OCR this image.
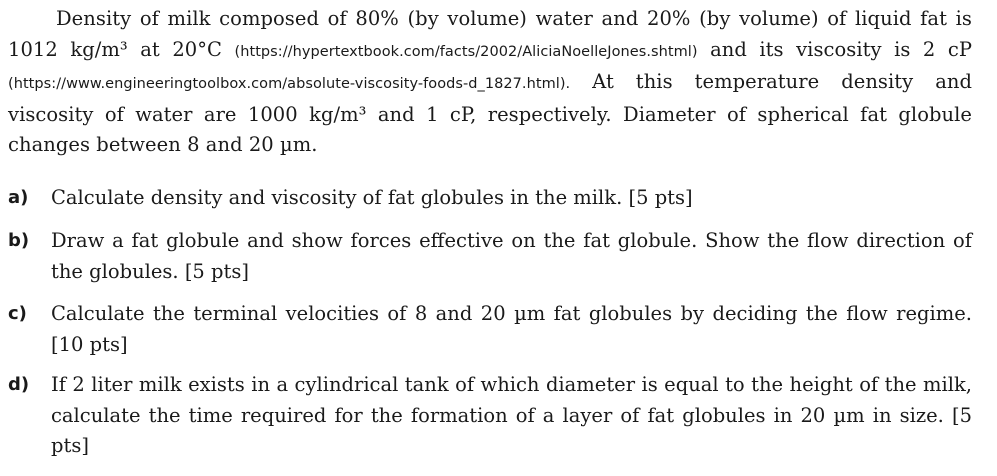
Density of milk composed of 80% (by volume) water and 20% (by volume) of liquid fat is 1012 kg/m³ at 20°C (https://hypertextbook.com/facts/2002/AliciaNoelleJones.shtml) and its viscosity is 2 cP (https://www.engineeringtoolbox.com/absolute-viscosity-foods-d_1827.html). At this temperature density and viscosity of water are 1000 kg/m³ and 1 cP, respectively. Diameter of spherical fat globule changes between 8 and 20 µm.

a) Calculate density and viscosity of fat globules in the milk. [5 pts]
b) Draw a fat globule and show forces effective on the fat globule. Show the flow direction of the globules. [5 pts]
c) Calculate the terminal velocities of 8 and 20 µm fat globules by deciding the flow regime. [10 pts]
d) If 2 liter milk exists in a cylindrical tank of which diameter is equal to the height of the milk, calculate the time required for the formation of a layer of fat globules in 20 µm in size. [5 pts]
